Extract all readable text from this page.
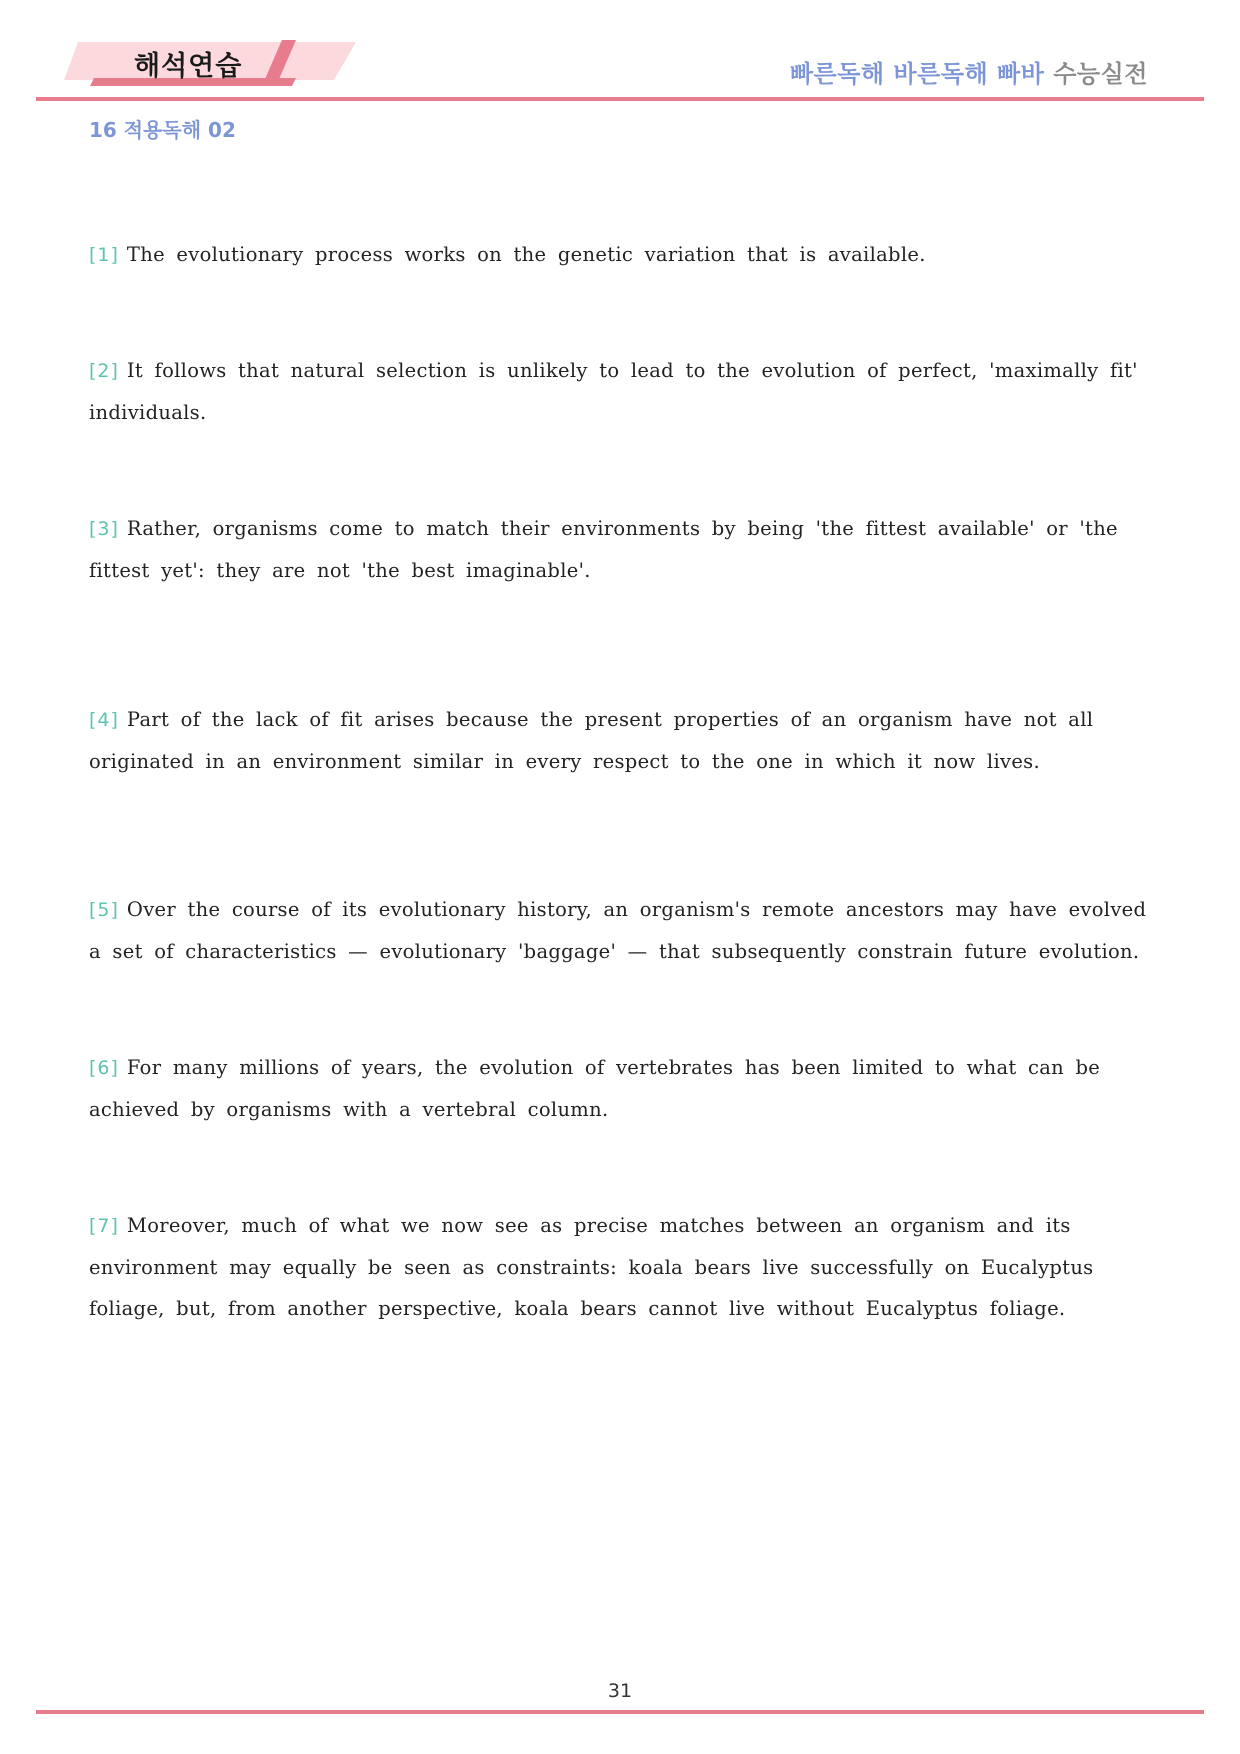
해석연습	빠른독해 바른독해 빠바 수능실전
16 적용독해 02
[1] The evolutionary process works on the genetic variation that is available.
[2] It follows that natural selection is unlikely to lead to the evolution of perfect, 'maximally fit' individuals.
[3] Rather, organisms come to match their environments by being 'the fittest available' or 'the fittest yet': they are not 'the best imaginable'.
[4] Part of the lack of fit arises because the present properties of an organism have not all originated in an environment similar in every respect to the one in which it now lives.
[5] Over the course of its evolutionary history, an organism's remote ancestors may have evolved a set of characteristics — evolutionary 'baggage' — that subsequently constrain future evolution.
[6] For many millions of years, the evolution of vertebrates has been limited to what can be achieved by organisms with a vertebral column.
[7] Moreover, much of what we now see as precise matches between an organism and its environment may equally be seen as constraints: koala bears live successfully on Eucalyptus foliage, but, from another perspective, koala bears cannot live without Eucalyptus foliage.
31
